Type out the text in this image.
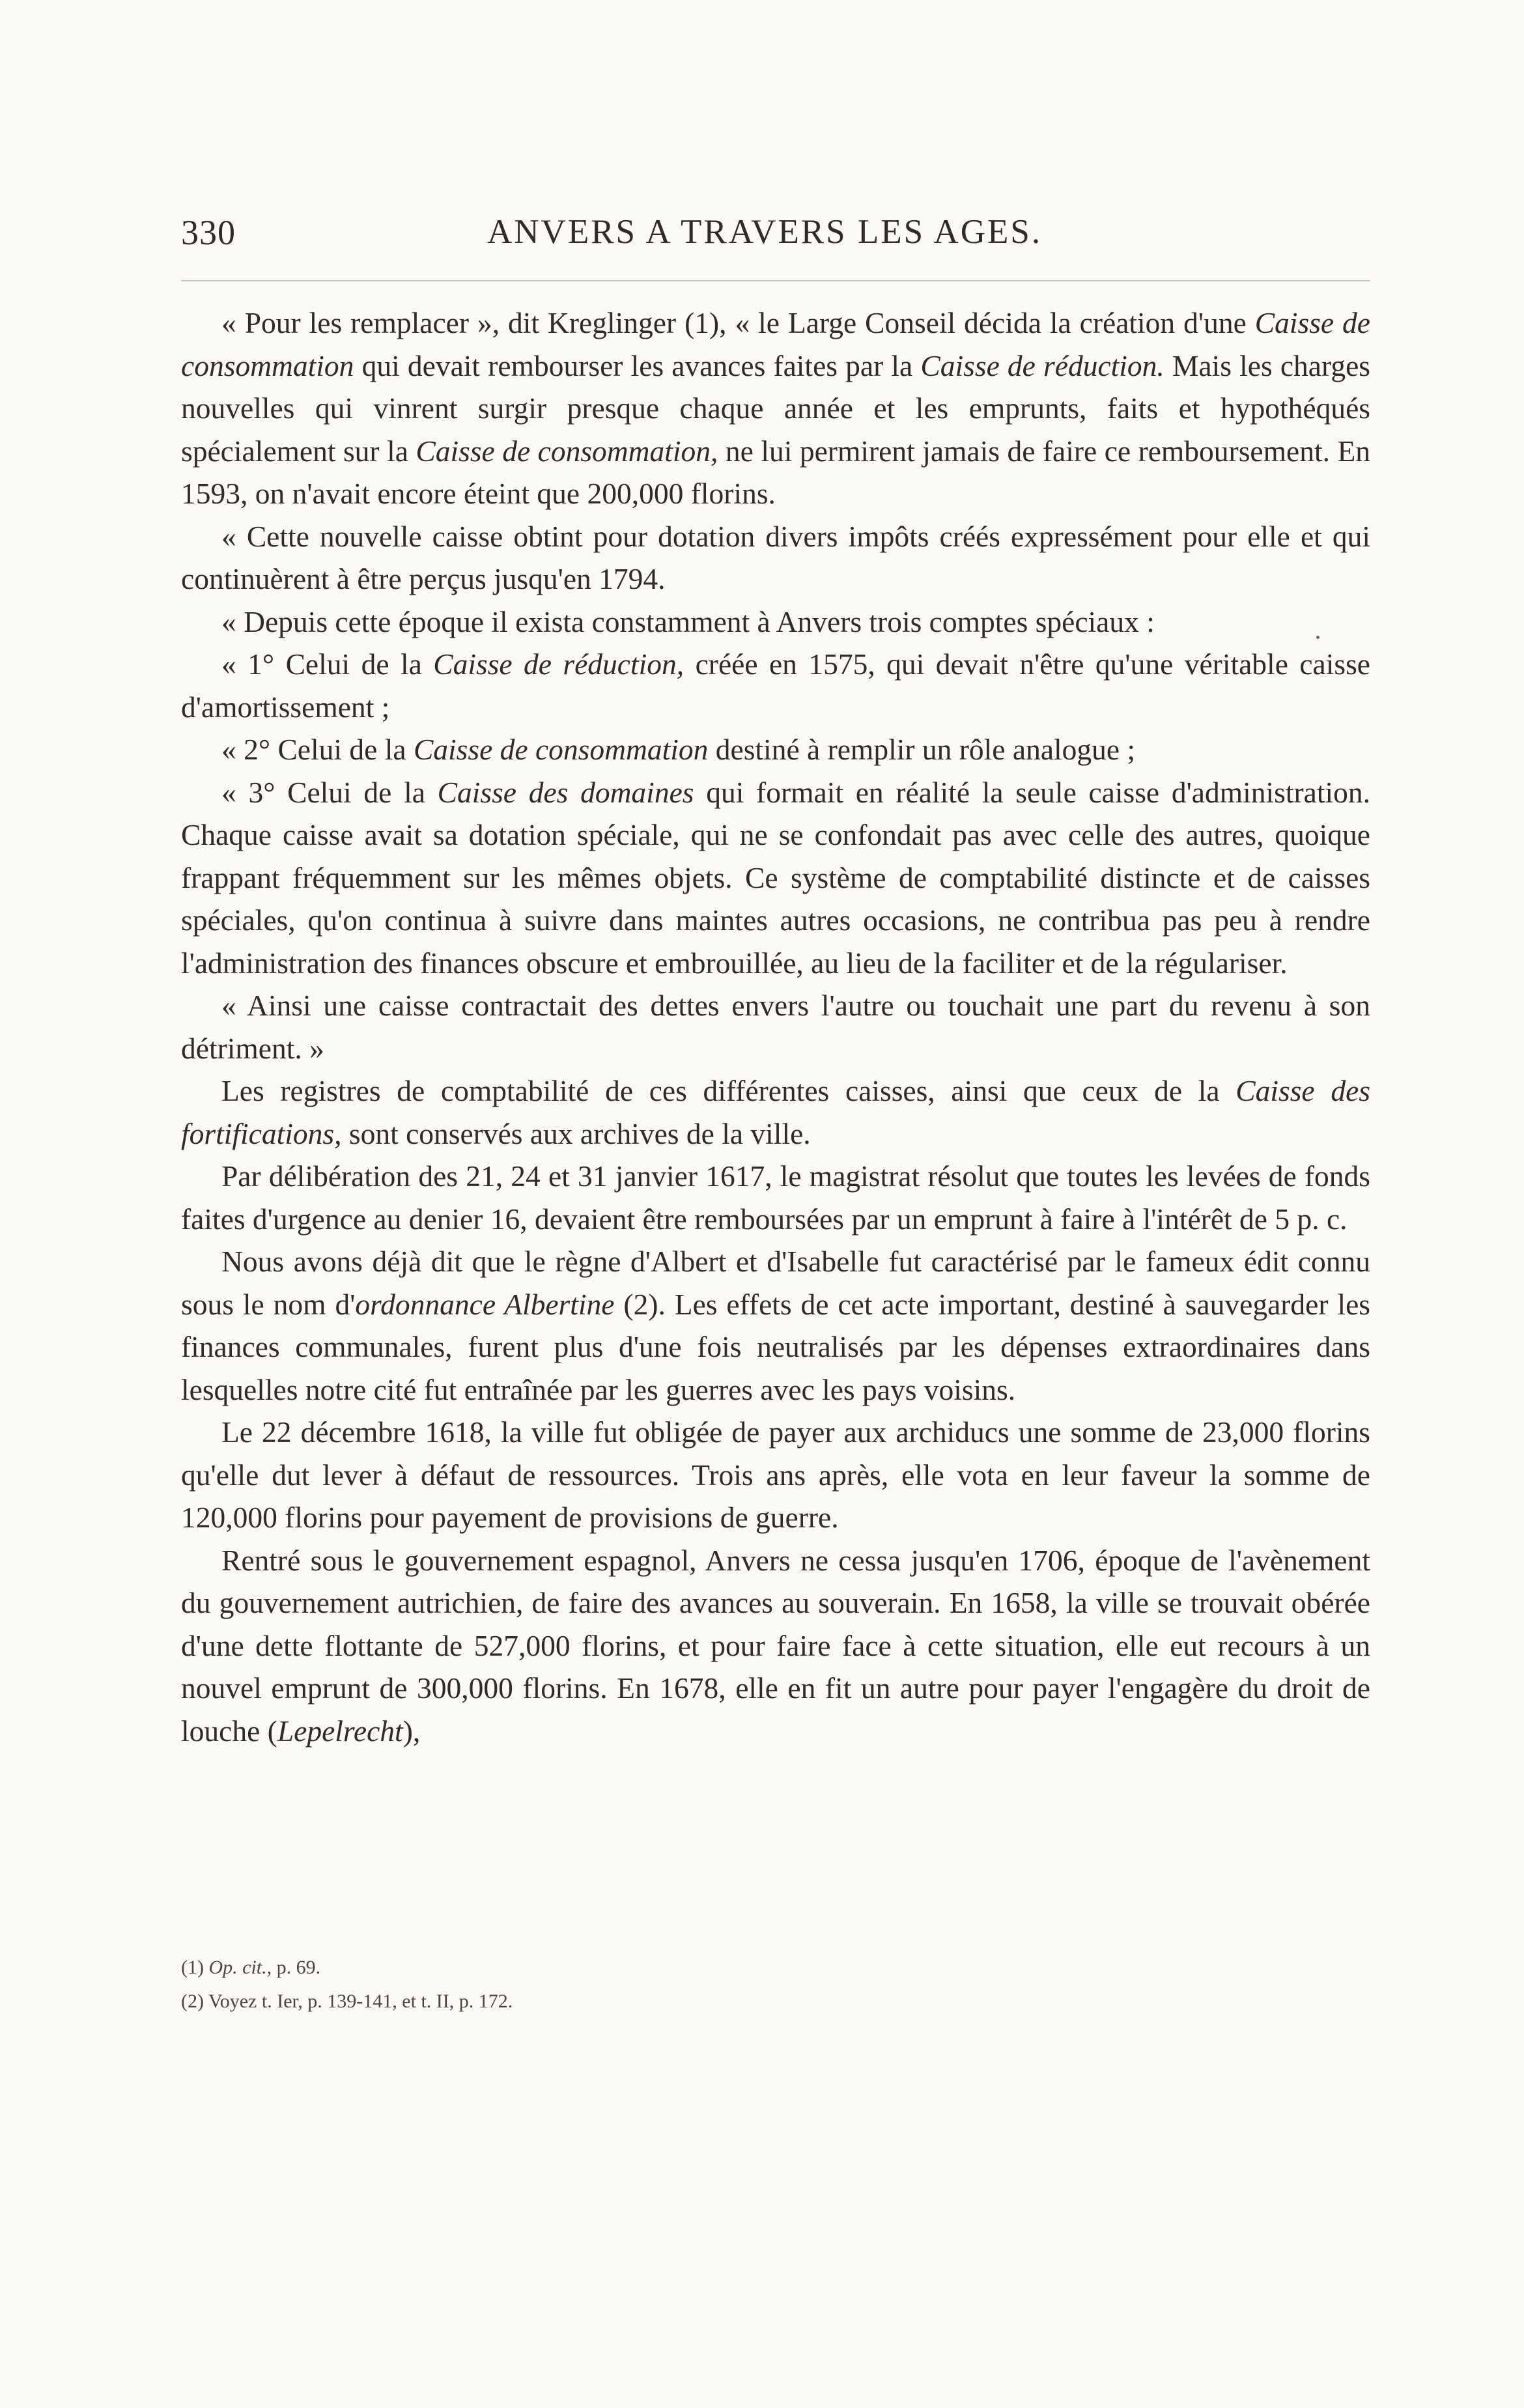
330	ANVERS A TRAVERS LES AGES.

« Pour les remplacer », dit Kreglinger (1), « le Large Conseil décida la création d'une Caisse de consommation qui devait rembourser les avances faites par la Caisse de réduction. Mais les charges nouvelles qui vinrent surgir presque chaque année et les emprunts, faits et hypothéqués spécialement sur la Caisse de consommation, ne lui permirent jamais de faire ce remboursement. En 1593, on n'avait encore éteint que 200,000 florins.

« Cette nouvelle caisse obtint pour dotation divers impôts créés expressément pour elle et qui continuèrent à être perçus jusqu'en 1794.

« Depuis cette époque il exista constamment à Anvers trois comptes spéciaux :

« 1° Celui de la Caisse de réduction, créée en 1575, qui devait n'être qu'une véritable caisse d'amortissement ;

« 2° Celui de la Caisse de consommation destiné à remplir un rôle analogue ;

« 3° Celui de la Caisse des domaines qui formait en réalité la seule caisse d'administration. Chaque caisse avait sa dotation spéciale, qui ne se confondait pas avec celle des autres, quoique frappant fréquemment sur les mêmes objets. Ce système de comptabilité distincte et de caisses spéciales, qu'on continua à suivre dans maintes autres occasions, ne contribua pas peu à rendre l'administration des finances obscure et embrouillée, au lieu de la faciliter et de la régulariser.

« Ainsi une caisse contractait des dettes envers l'autre ou touchait une part du revenu à son détriment. »

Les registres de comptabilité de ces différentes caisses, ainsi que ceux de la Caisse des fortifications, sont conservés aux archives de la ville.

Par délibération des 21, 24 et 31 janvier 1617, le magistrat résolut que toutes les levées de fonds faites d'urgence au denier 16, devaient être remboursées par un emprunt à faire à l'intérêt de 5 p. c.

Nous avons déjà dit que le règne d'Albert et d'Isabelle fut caractérisé par le fameux édit connu sous le nom d'ordonnance Albertine (2). Les effets de cet acte important, destiné à sauvegarder les finances communales, furent plus d'une fois neutralisés par les dépenses extraordinaires dans lesquelles notre cité fut entraînée par les guerres avec les pays voisins.

Le 22 décembre 1618, la ville fut obligée de payer aux archiducs une somme de 23,000 florins qu'elle dut lever à défaut de ressources. Trois ans après, elle vota en leur faveur la somme de 120,000 florins pour payement de provisions de guerre.

Rentré sous le gouvernement espagnol, Anvers ne cessa jusqu'en 1706, époque de l'avènement du gouvernement autrichien, de faire des avances au souverain. En 1658, la ville se trouvait obérée d'une dette flottante de 527,000 florins, et pour faire face à cette situation, elle eut recours à un nouvel emprunt de 300,000 florins. En 1678, elle en fit un autre pour payer l'engagère du droit de louche (Lepelrecht),

(1) Op. cit., p. 69.

(2) Voyez t. Ier, p. 139-141, et t. II, p. 172.
